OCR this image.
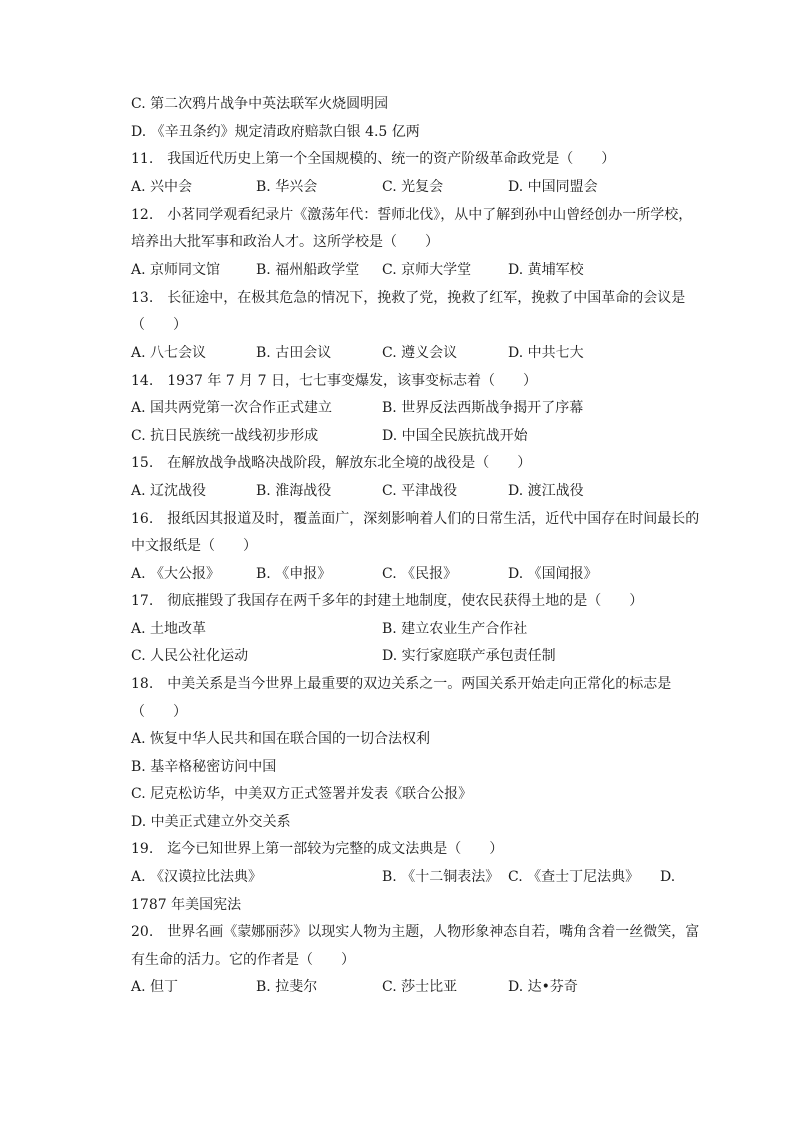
C. 第二次鸦片战争中英法联军火烧圆明园
D. 《辛丑条约》规定清政府赔款白银 4.5 亿两
11.　我国近代历史上第一个全国规模的、统一的资产阶级革命政党是（　　）
A. 兴中会	B. 华兴会	C. 光复会	D. 中国同盟会
12.　小茗同学观看纪录片《激荡年代：誓师北伐》，从中了解到孙中山曾经创办一所学校，
培养出大批军事和政治人才。这所学校是（　　）
A. 京师同文馆	B. 福州船政学堂 C. 京师大学堂	D. 黄埔军校
13.　长征途中，在极其危急的情况下，挽救了党，挽救了红军，挽救了中国革命的会议是
（　　）
A. 八七会议	B. 古田会议	C. 遵义会议	D. 中共七大
14.　1937 年 7 月 7 日，七七事变爆发，该事变标志着（　　）
A. 国共两党第一次合作正式建立	B. 世界反法西斯战争揭开了序幕
C. 抗日民族统一战线初步形成	D. 中国全民族抗战开始
15.　在解放战争战略决战阶段，解放东北全境的战役是（　　）
A. 辽沈战役	B. 淮海战役	C. 平津战役	D. 渡江战役
16.　报纸因其报道及时，覆盖面广，深刻影响着人们的日常生活，近代中国存在时间最长的
中文报纸是（　　）
A. 《大公报》	B. 《申报》	C. 《民报》	D. 《国闻报》
17.　彻底摧毁了我国存在两千多年的封建土地制度，使农民获得土地的是（　　）
A. 土地改革	B. 建立农业生产合作社
C. 人民公社化运动	D. 实行家庭联产承包责任制
18.　中美关系是当今世界上最重要的双边关系之一。两国关系开始走向正常化的标志是
（　　）
A. 恢复中华人民共和国在联合国的一切合法权利
B. 基辛格秘密访问中国
C. 尼克松访华，中美双方正式签署并发表《联合公报》
D. 中美正式建立外交关系
19.　迄今已知世界上第一部较为完整的成文法典是（　　）
A. 《汉谟拉比法典》	B. 《十二铜表法》 C. 《查士丁尼法典》 D.
1787 年美国宪法
20.　世界名画《蒙娜丽莎》以现实人物为主题，人物形象神态自若，嘴角含着一丝微笑，富
有生命的活力。它的作者是（　　）
A. 但丁	B. 拉斐尔	C. 莎士比亚	D. 达•芬奇
